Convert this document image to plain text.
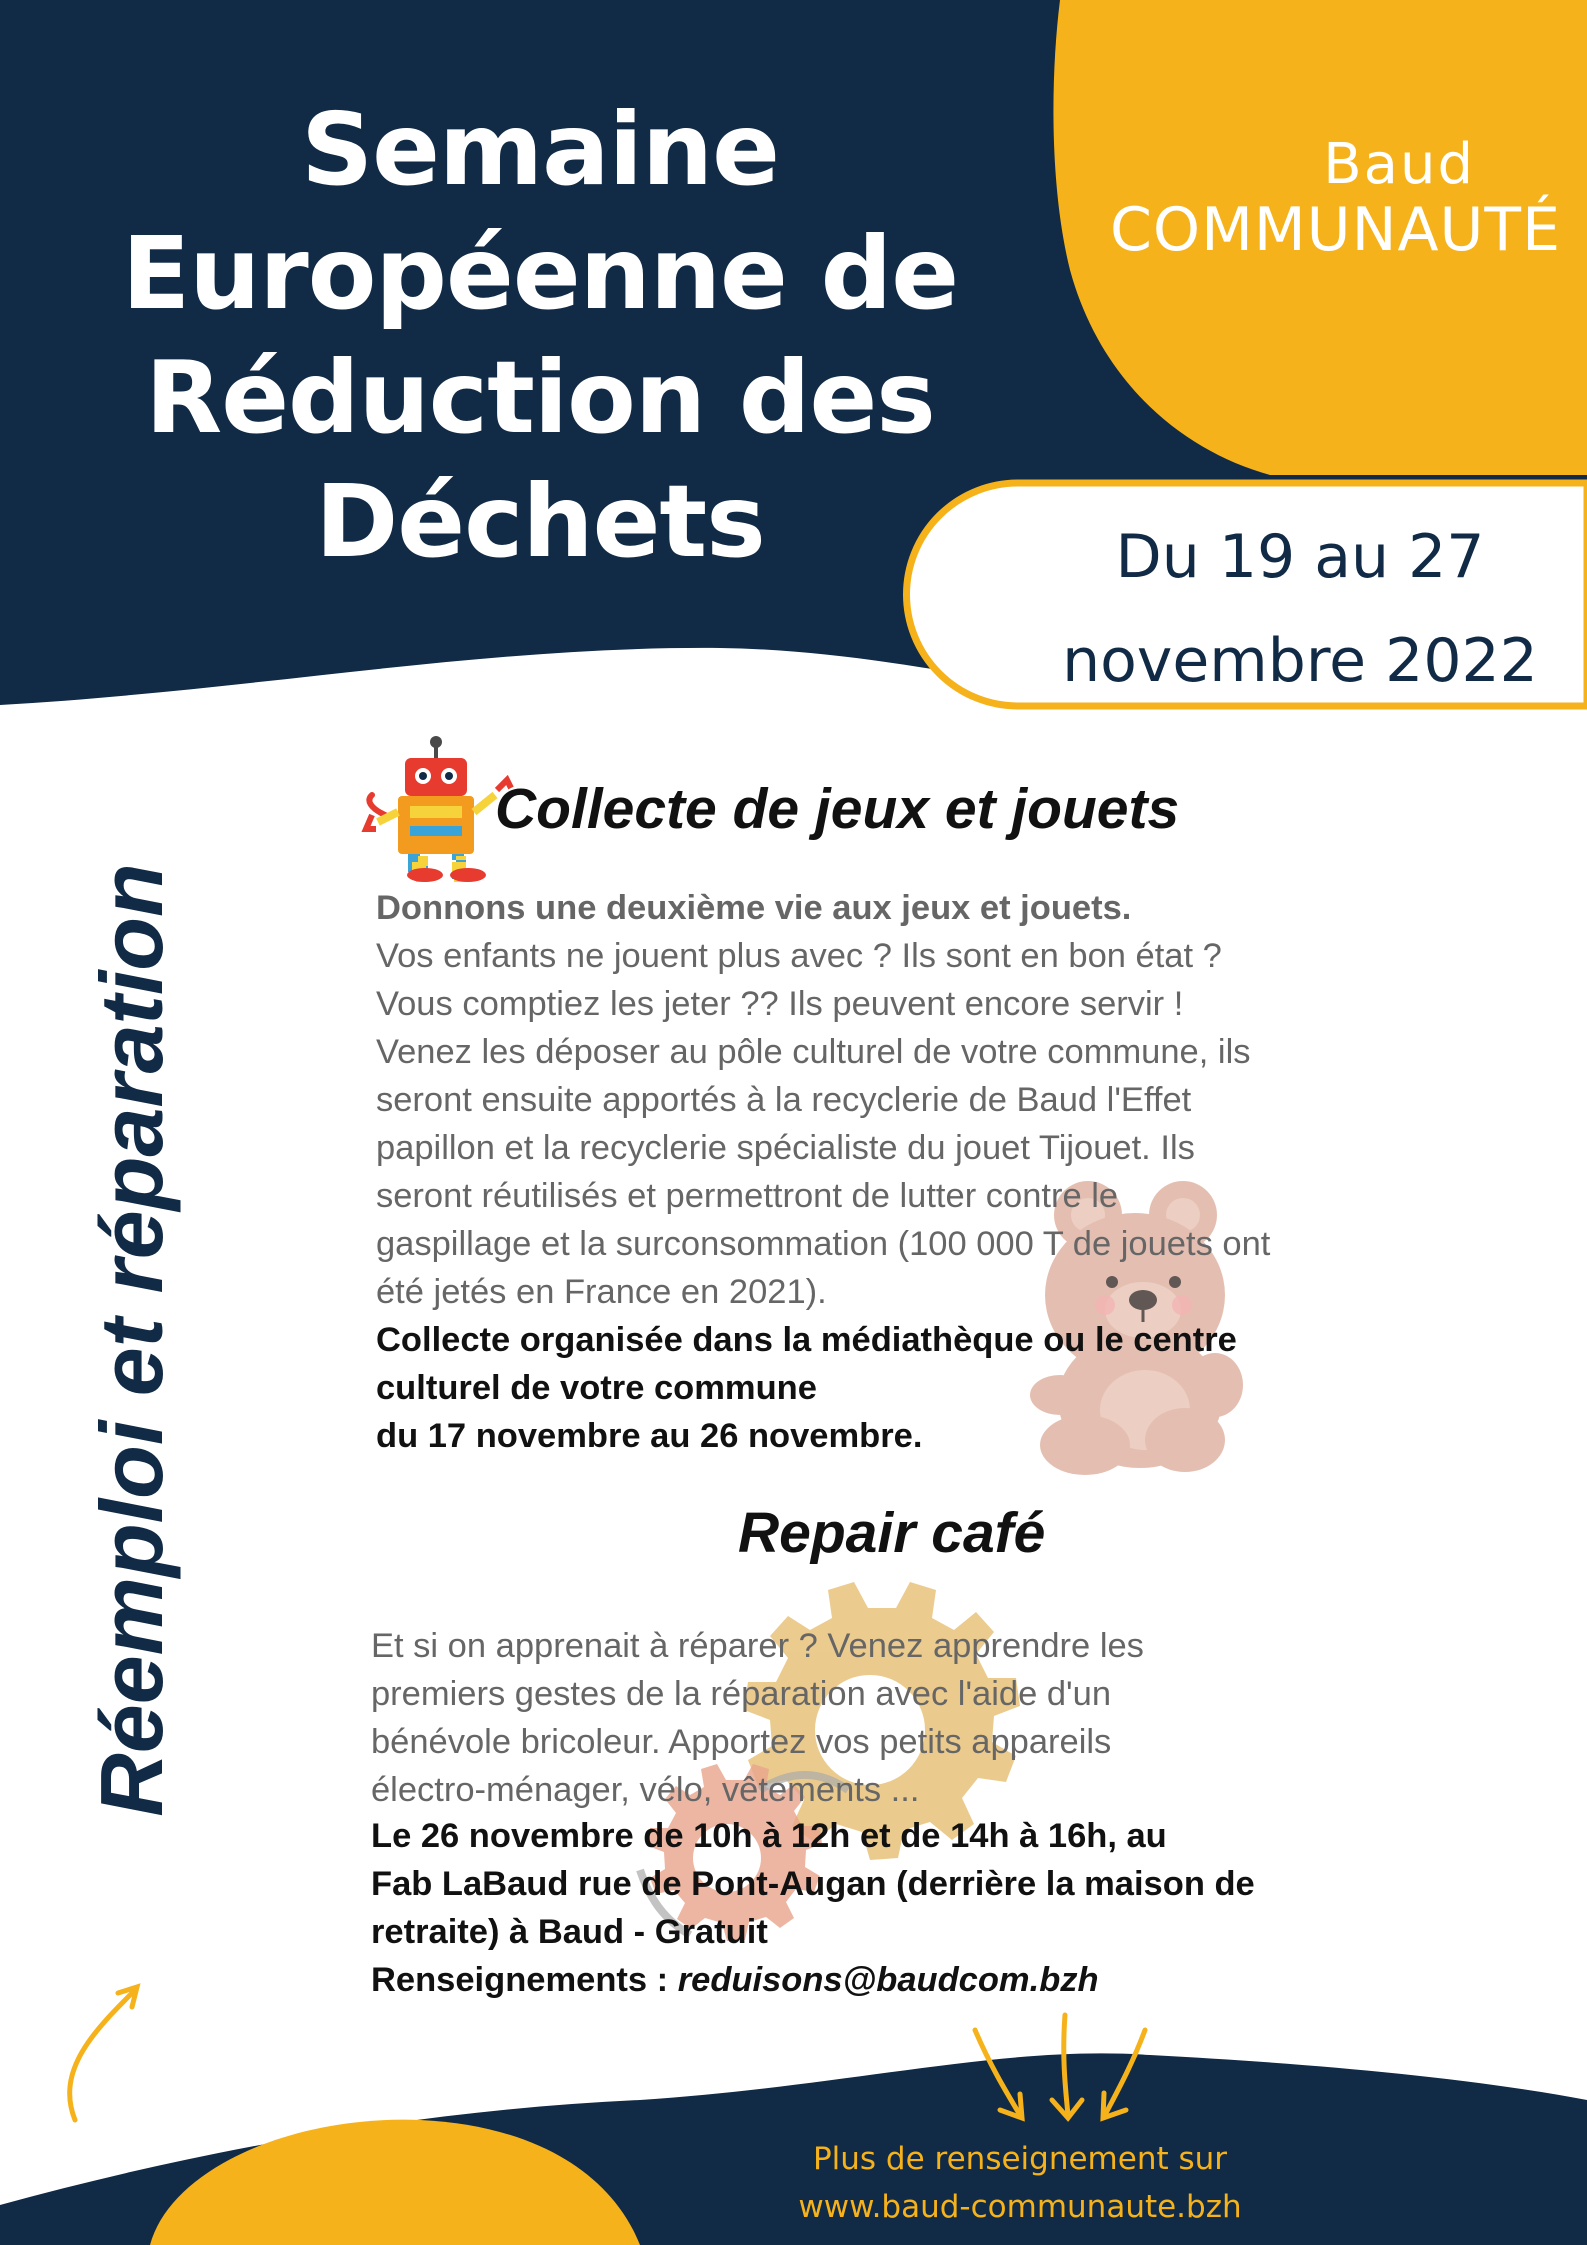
Semaine
Européenne de
Réduction des
Déchets
Baud
COMMUNAUTÉ
Du 19 au 27
novembre 2022
Réemploi et réparation
Collecte de jeux et jouets
Donnons une deuxième vie aux jeux et jouets.
Vos enfants ne jouent plus avec ? Ils sont en bon état ?
Vous comptiez les jeter ?? Ils peuvent encore servir !
Venez les déposer au pôle culturel de votre commune, ils
seront ensuite apportés à la recyclerie de Baud l'Effet
papillon et la recyclerie spécialiste du jouet Tijouet. Ils
seront réutilisés et permettront de lutter contre le
gaspillage et la surconsommation (100 000 T de jouets ont
été jetés en France en 2021).
Collecte organisée dans la médiathèque ou le centre
culturel de votre commune
du 17 novembre au 26 novembre.
Repair café
Et si on apprenait à réparer ? Venez apprendre les
premiers gestes de la réparation avec l'aide d'un
bénévole bricoleur. Apportez vos petits appareils
électro-ménager, vélo, vêtements ...
Le 26 novembre de 10h à 12h et de 14h à 16h, au
Fab LaBaud rue de Pont-Augan (derrière la maison de
retraite) à Baud - Gratuit
Renseignements : reduisons@baudcom.bzh
Plus de renseignement sur
www.baud-communaute.bzh
